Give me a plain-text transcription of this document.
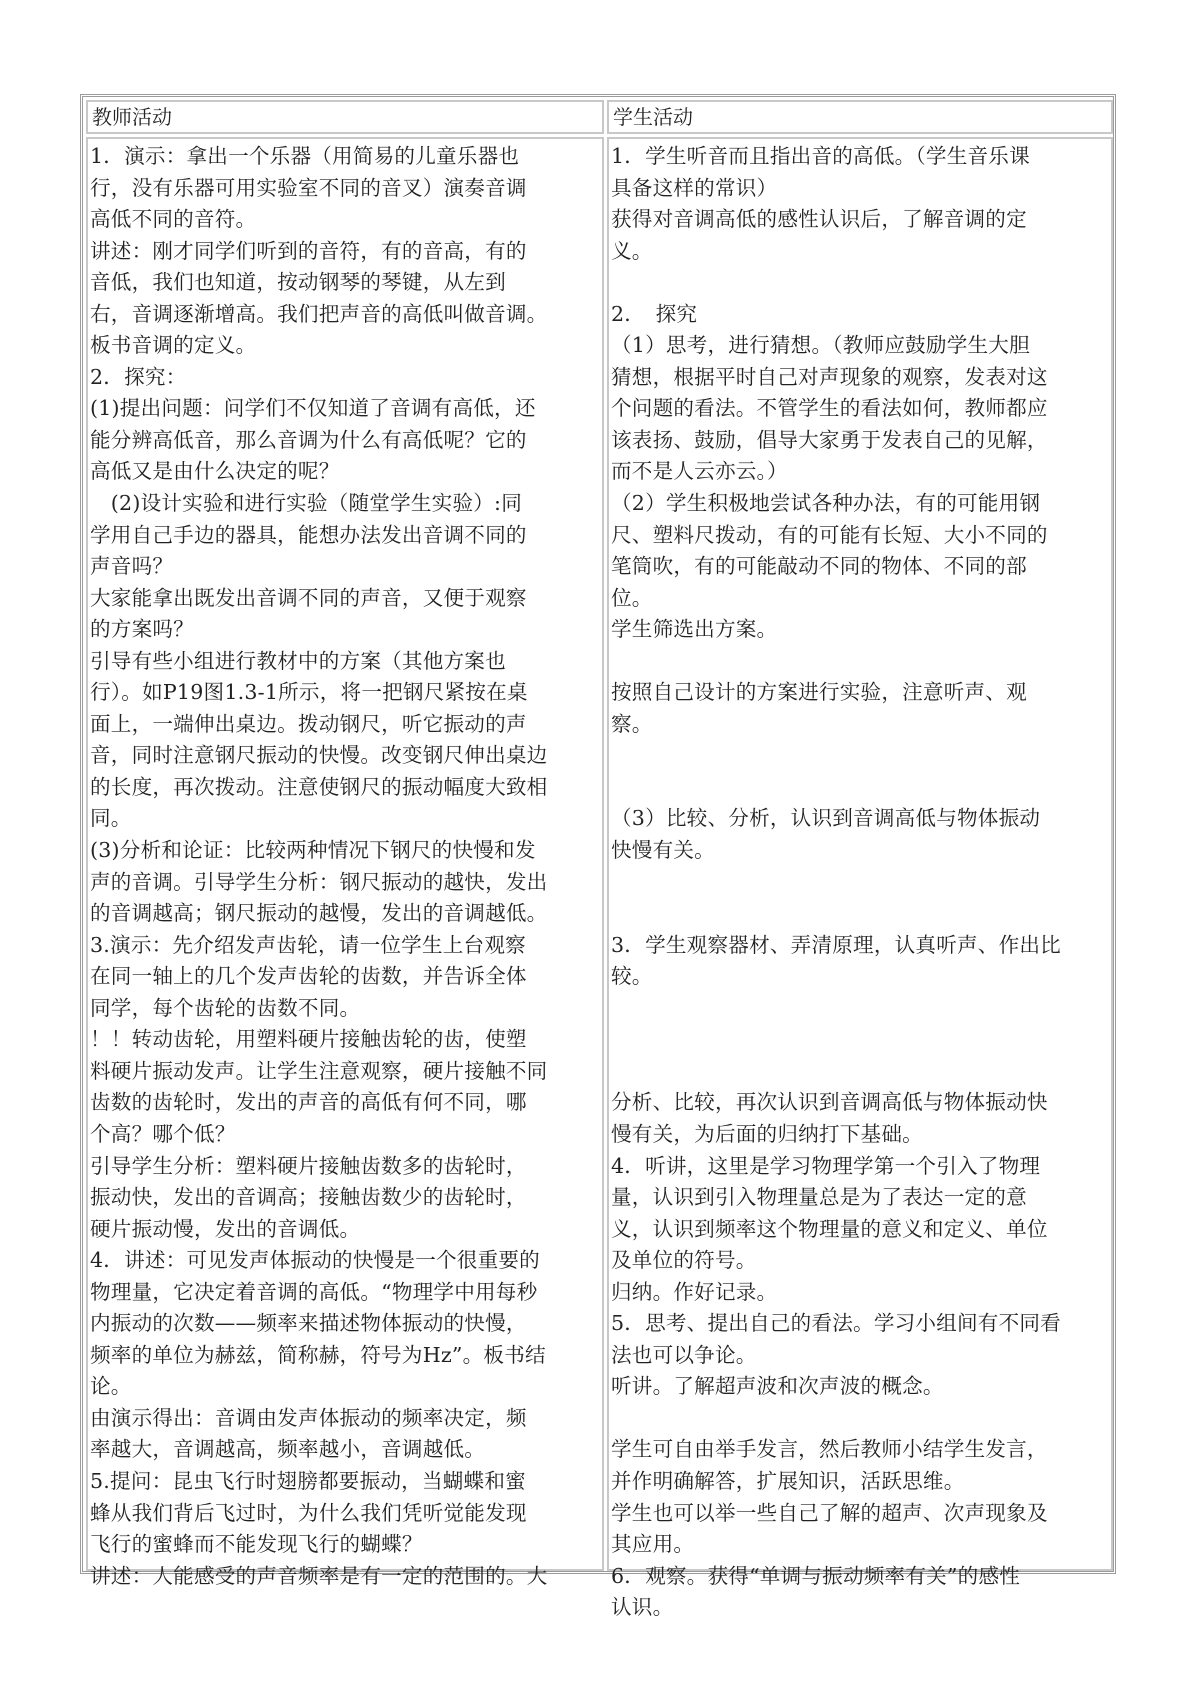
教师活动	学生活动
1．演示：拿出一个乐器（用简易的儿童乐器也
行，没有乐器可用实验室不同的音叉）演奏音调
高低不同的音符。
讲述：刚才同学们听到的音符，有的音高，有的
音低，我们也知道，按动钢琴的琴键，从左到
右，音调逐渐增高。我们把声音的高低叫做音调。
板书音调的定义。
2．探究：
(1)提出问题：问学们不仅知道了音调有高低，还
能分辨高低音，那么音调为什么有高低呢？它的
高低又是由什么决定的呢？
　(2)设计实验和进行实验（随堂学生实验）:同
学用自己手边的器具，能想办法发出音调不同的
声音吗？
大家能拿出既发出音调不同的声音，又便于观察
的方案吗？
引导有些小组进行教材中的方案（其他方案也
行）。如P19图1.3-1所示，将一把钢尺紧按在桌
面上，一端伸出桌边。拨动钢尺，听它振动的声
音，同时注意钢尺振动的快慢。改变钢尺伸出桌边
的长度，再次拨动。注意使钢尺的振动幅度大致相
同。
(3)分析和论证：比较两种情况下钢尺的快慢和发
声的音调。引导学生分析：钢尺振动的越快，发出
的音调越高；钢尺振动的越慢，发出的音调越低。
3.演示：先介绍发声齿轮，请一位学生上台观察
在同一轴上的几个发声齿轮的齿数，并告诉全体
同学，每个齿轮的齿数不同。
！！转动齿轮，用塑料硬片接触齿轮的齿，使塑
料硬片振动发声。让学生注意观察，硬片接触不同
齿数的齿轮时，发出的声音的高低有何不同，哪
个高？哪个低？
引导学生分析：塑料硬片接触齿数多的齿轮时，
振动快，发出的音调高；接触齿数少的齿轮时，
硬片振动慢，发出的音调低。
4．讲述：可见发声体振动的快慢是一个很重要的
物理量，它决定着音调的高低。“物理学中用每秒
内振动的次数——频率来描述物体振动的快慢，
频率的单位为赫兹，简称赫，符号为Hz”。板书结
论。
由演示得出：音调由发声体振动的频率决定，频
率越大，音调越高，频率越小，音调越低。
5.提问：昆虫飞行时翅膀都要振动，当蝴蝶和蜜
蜂从我们背后飞过时，为什么我们凭听觉能发现
飞行的蜜蜂而不能发现飞行的蝴蝶？
讲述：人能感受的声音频率是有一定的范围的。大
1．学生听音而且指出音的高低。（学生音乐课
具备这样的常识）
获得对音调高低的感性认识后，了解音调的定
义。
2．　探究
（1）思考，进行猜想。（教师应鼓励学生大胆
猜想，根据平时自己对声现象的观察，发表对这
个问题的看法。不管学生的看法如何，教师都应
该表扬、鼓励，倡导大家勇于发表自己的见解，
而不是人云亦云。）
（2）学生积极地尝试各种办法，有的可能用钢
尺、塑料尺拨动，有的可能有长短、大小不同的
笔筒吹，有的可能敲动不同的物体、不同的部
位。
学生筛选出方案。
按照自己设计的方案进行实验，注意听声、观
察。
（3）比较、分析，认识到音调高低与物体振动
快慢有关。
3．学生观察器材、弄清原理，认真听声、作出比
较。
分析、比较，再次认识到音调高低与物体振动快
慢有关，为后面的归纳打下基础。
4．听讲，这里是学习物理学第一个引入了物理
量，认识到引入物理量总是为了表达一定的意
义，认识到频率这个物理量的意义和定义、单位
及单位的符号。
归纳。作好记录。
5．思考、提出自己的看法。学习小组间有不同看
法也可以争论。
听讲。了解超声波和次声波的概念。
学生可自由举手发言，然后教师小结学生发言，
并作明确解答，扩展知识，活跃思维。
学生也可以举一些自己了解的超声、次声现象及
其应用。
6．观察。获得“单调与振动频率有关”的感性
认识。
